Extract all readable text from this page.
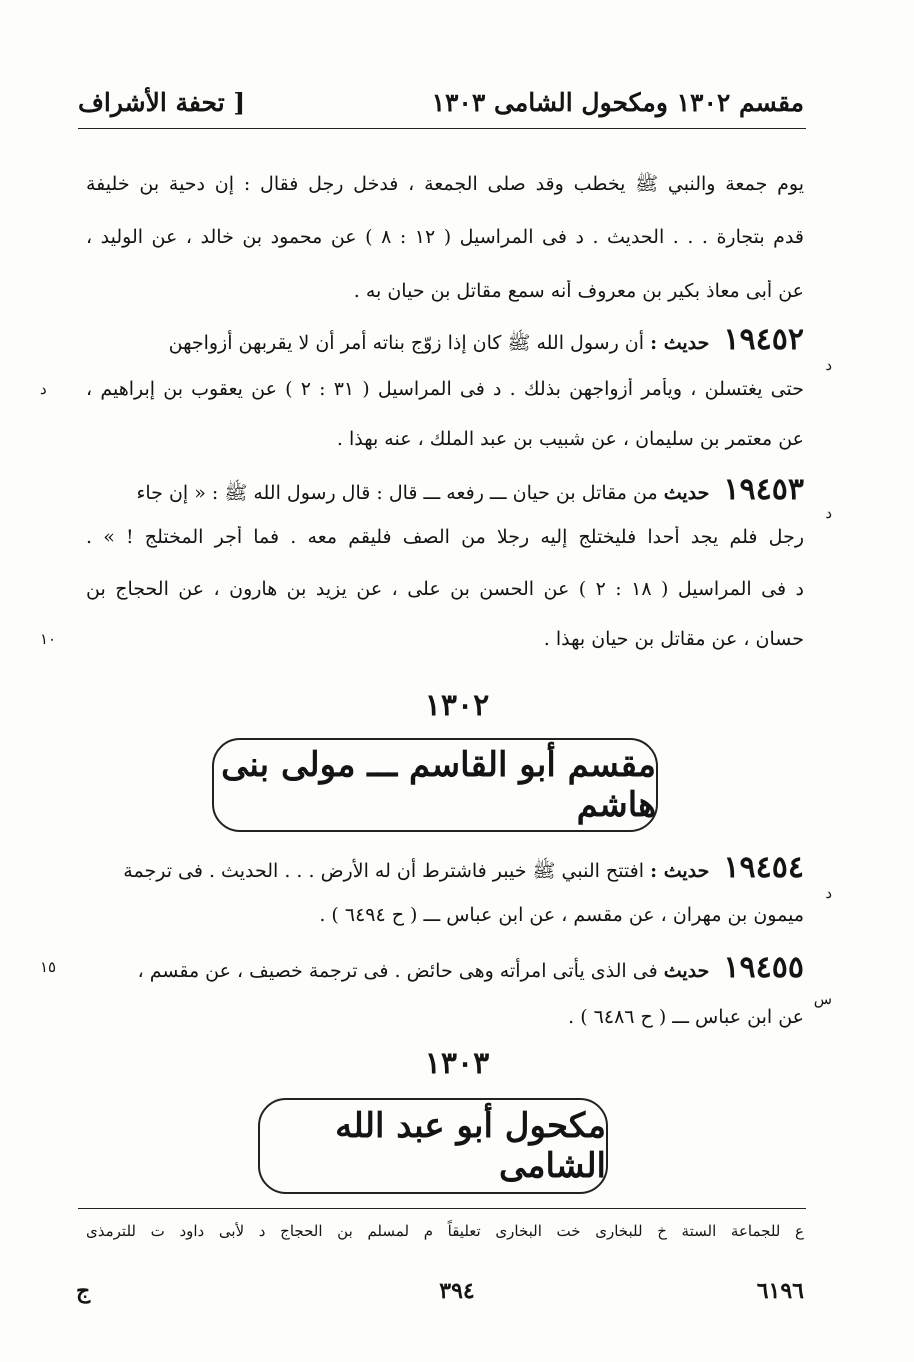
مقسم ١٣٠٢ ومكحول الشامى ١٣٠٣
[ تحفة الأشراف
يوم جمعة والنبي ﷺ يخطب وقد صلى الجمعة ، فدخل رجل فقال : إن دحية بن خليفة
قدم بتجارة . . . الحديث . د فى المراسيل ( ١٢ : ٨ ) عن محمود بن خالد ، عن الوليد ،
عن أبى معاذ بكير بن معروف أنه سمع مقاتل بن حيان به .
١٩٤٥٢ حديث : أن رسول الله ﷺ كان إذا زوّج بناته أمر أن لا يقربهن أزواجهن
د
حتى يغتسلن ، ويأمر أزواجهن بذلك . د فى المراسيل ( ٣١ : ٢ ) عن يعقوب بن إبراهيم ،
د
عن معتمر بن سليمان ، عن شبيب بن عبد الملك ، عنه بهذا .
١٩٤٥٣ حديث من مقاتل بن حيان ـــ رفعه ـــ قال : قال رسول الله ﷺ : « إن جاء
د
رجل فلم يجد أحدا فليختلج إليه رجلا من الصف فليقم معه . فما أجر المختلج ! » .
د فى المراسيل ( ١٨ : ٢ ) عن الحسن بن على ، عن يزيد بن هارون ، عن الحجاج بن
حسان ، عن مقاتل بن حيان بهذا .
١٠
١٣٠٢
مقسم أبو القاسم ـــ مولى بنى هاشم
١٩٤٥٤ حديث : افتتح النبي ﷺ خيبر فاشترط أن له الأرض . . . الحديث . فى ترجمة
د
ميمون بن مهران ، عن مقسم ، عن ابن عباس ـــ ( ح ٦٤٩٤ ) .
١٩٤٥٥ حديث فى الذى يأتى امرأته وهى حائض . فى ترجمة خصيف ، عن مقسم ،
١٥
س
عن ابن عباس ـــ ( ح ٦٤٨٦ ) .
١٣٠٣
مكحول أبو عبد الله الشامى
ع للجماعة الستة خ للبخارى خت البخارى تعليقاً م لمسلم بن الحجاج د لأبى داود ت للترمذى
٦١٩٦
٣٩٤
ج
